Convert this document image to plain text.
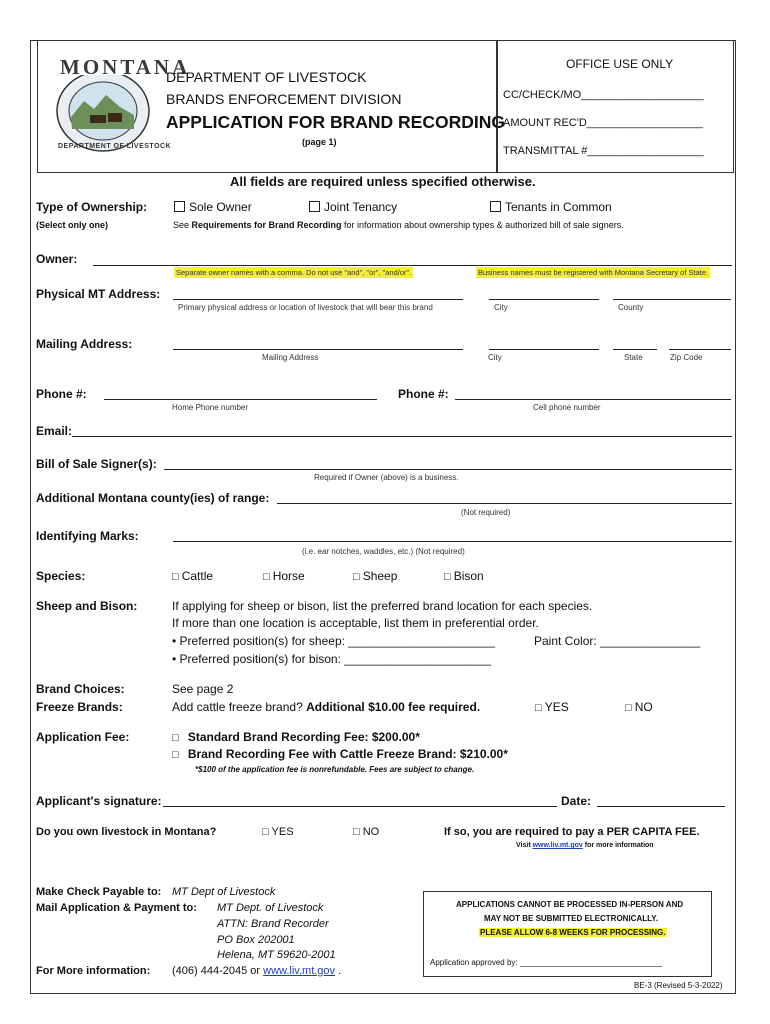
MONTANA
DEPARTMENT OF LIVESTOCK
DEPARTMENT OF LIVESTOCK
BRANDS ENFORCEMENT DIVISION
APPLICATION FOR BRAND RECORDING
(page 1)
OFFICE USE ONLY
CC/CHECK/MO____________________
AMOUNT REC'D___________________
TRANSMITTAL #___________________
All fields are required unless specified otherwise.
Type of Ownership:
(Select only one)
Sole Owner	Joint Tenancy	Tenants in Common
See Requirements for Brand Recording for information about ownership types & authorized bill of sale signers.
Owner:
Separate owner names with a comma. Do not use "and", "or", "and/or".	Business names must be registered with Montana Secretary of State.
Physical MT Address:
Primary physical address or location of livestock that will bear this brand	City	County
Mailing Address:
Mailing Address	City	State	Zip Code
Phone #:
Home Phone number
Phone #:
Cell phone number
Email:
Bill of Sale Signer(s):
Required if Owner (above) is a business.
Additional Montana county(ies) of range:
(Not required)
Identifying Marks:
(i.e. ear notches, waddles, etc.) (Not required)
Species:	□ Cattle	□ Horse	□ Sheep	□ Bison
Sheep and Bison:	If applying for sheep or bison, list the preferred brand location for each species.
If more than one location is acceptable, list them in preferential order.
• Preferred position(s) for sheep: ______________________	Paint Color: _______________
• Preferred position(s) for bison: ______________________
Brand Choices:	See page 2
Freeze Brands:	Add cattle freeze brand? Additional $10.00 fee required.	□ YES	□ NO
Application Fee:	□   Standard Brand Recording Fee: $200.00*
□   Brand Recording Fee with Cattle Freeze Brand: $210.00*
*$100 of the application fee is nonrefundable. Fees are subject to change.
Applicant's signature:	Date:
Do you own livestock in Montana?	□ YES	□ NO	If so, you are required to pay a PER CAPITA FEE.
Visit www.liv.mt.gov for more information
Make Check Payable to: MT Dept of Livestock
Mail Application & Payment to: MT Dept. of Livestock
ATTN: Brand Recorder
PO Box 202001
Helena, MT 59620-2001
For More information: (406) 444-2045 or www.liv.mt.gov .
APPLICATIONS CANNOT BE PROCESSED IN-PERSON AND
MAY NOT BE SUBMITTED ELECTRONICALLY.
PLEASE ALLOW 6-8 WEEKS FOR PROCESSING.
Application approved by: ________________________________
BE-3 (Revised 5-3-2022)
